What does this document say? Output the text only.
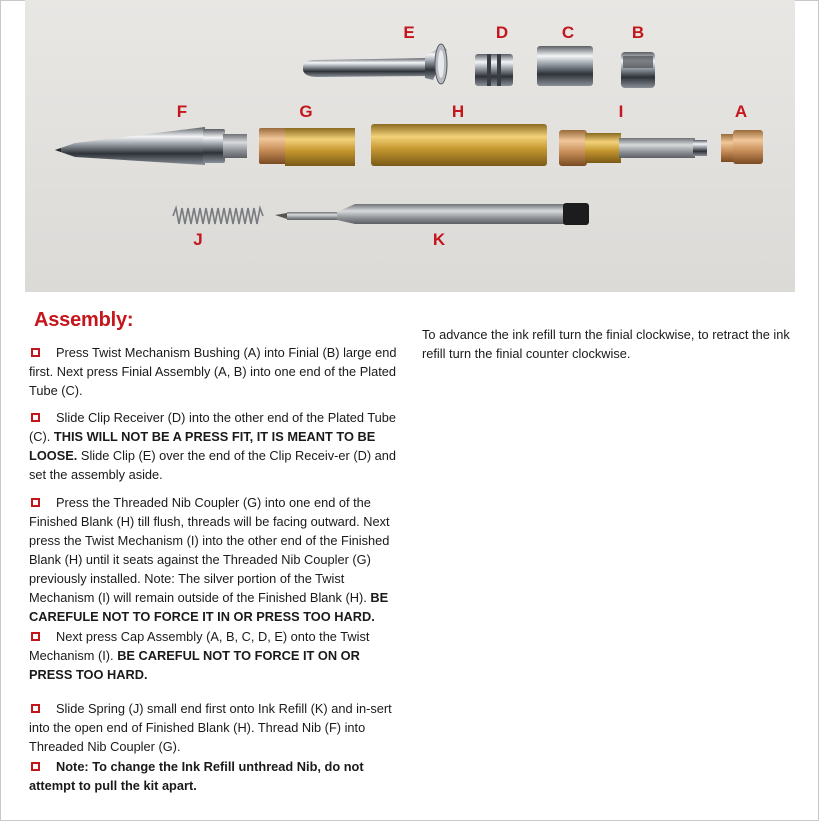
E	D	C	B
F	G	H	I	A
J	K
Assembly:

Press Twist Mechanism Bushing (A) into Finial (B) large end first. Next press Finial Assembly (A, B) into one end of the Plated Tube (C).

Slide Clip Receiver (D) into the other end of the Plated Tube (C). THIS WILL NOT BE A PRESS FIT, IT IS MEANT TO BE LOOSE. Slide Clip (E) over the end of the Clip Receiv-er (D) and set the assembly aside.

Press the Threaded Nib Coupler (G) into one end of the Finished Blank (H) till flush, threads will be facing outward. Next press the Twist Mechanism (I) into the other end of the Finished Blank (H) until it seats against the Threaded Nib Coupler (G) previously installed. Note: The silver portion of the Twist Mechanism (I) will remain outside of the Finished Blank (H). BE CAREFULE NOT TO FORCE IT IN OR PRESS TOO HARD.

Next press Cap Assembly (A, B, C, D, E) onto the Twist Mechanism (I). BE CAREFUL NOT TO FORCE IT ON OR PRESS TOO HARD.

Slide Spring (J) small end first onto Ink Refill (K) and in-sert into the open end of Finished Blank (H). Thread Nib (F) into Threaded Nib Coupler (G).

Note: To change the Ink Refill unthread Nib, do not attempt to pull the kit apart.

To advance the ink refill turn the finial clockwise, to retract the ink refill turn the finial counter clockwise.
